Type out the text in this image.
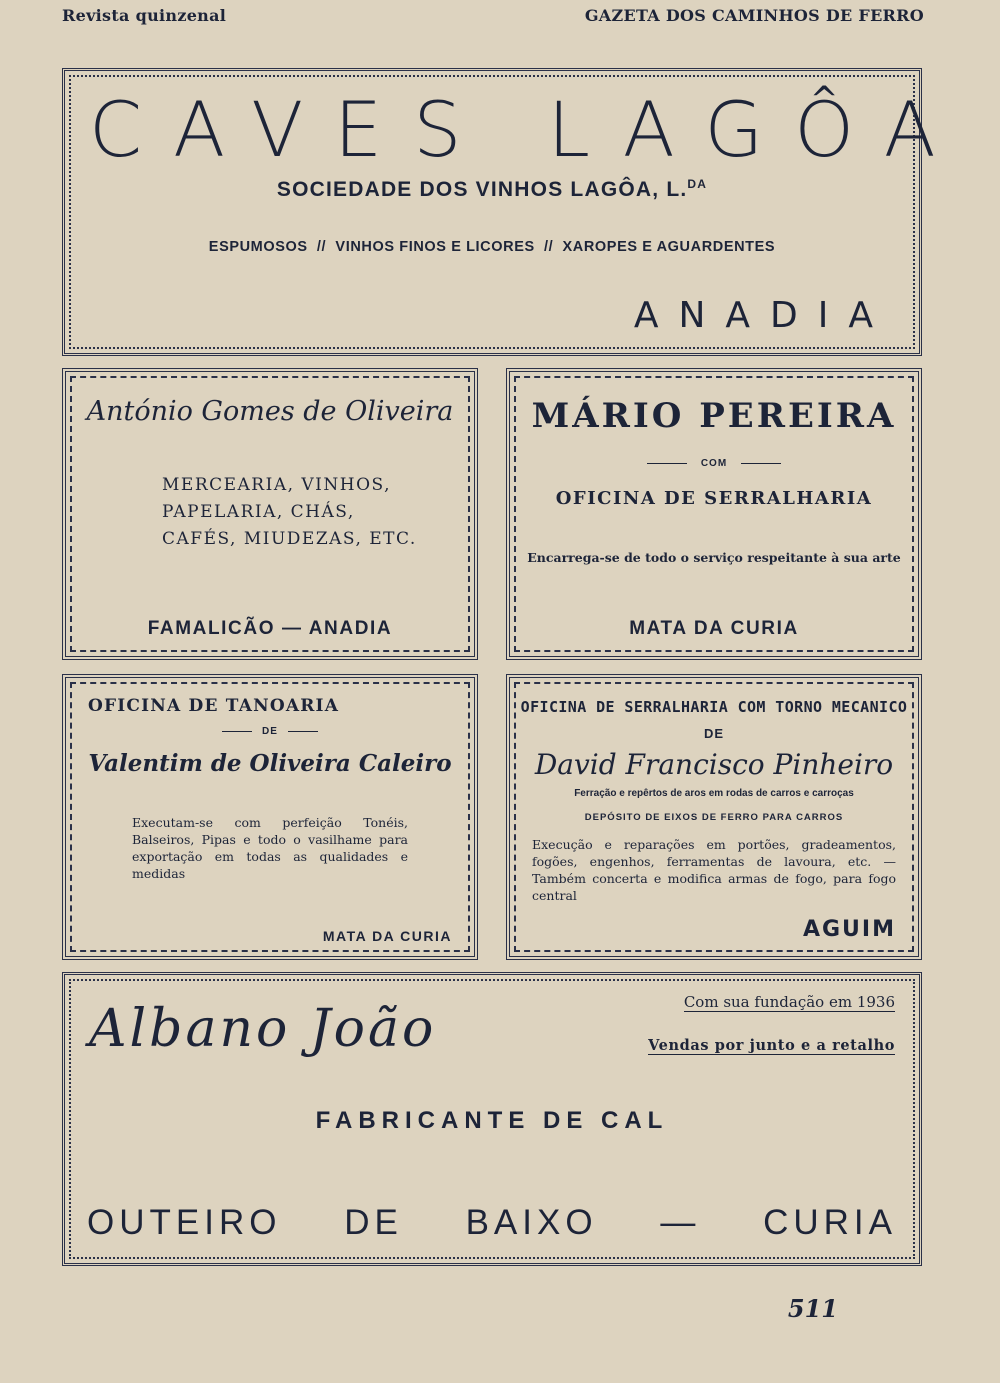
Revista quinzenal	GAZETA DOS CAMINHOS DE FERRO
CAVES LAGÔA
SOCIEDADE DOS VINHOS LAGÔA, L.$^{DA}$
ESPUMOSOS  //  VINHOS FINOS E LICORES  //  XAROPES E AGUARDENTES
ANADIA
António Gomes de Oliveira
MERCEARIA, VINHOS,
PAPELARIA, CHÁS,
CAFÉS, MIUDEZAS, ETC.
FAMALICÃO — ANADIA
MÁRIO PEREIRA
COM
OFICINA DE SERRALHARIA
Encarrega-se de todo o serviço respeitante à sua arte
MATA DA CURIA
OFICINA DE TANOARIA
DE
Valentim de Oliveira Caleiro
Executam-se com perfeição Tonéis, Balseiros, Pipas e todo o vasilhame para exportação em todas as qualidades e medidas
MATA DA CURIA
OFICINA DE SERRALHARIA COM TORNO MECANICO
DE
David Francisco Pinheiro
Ferração e repêrtos de aros em rodas de carros e carroças
DEPÓSITO DE EIXOS DE FERRO PARA CARROS
Execução e reparações em portões, gradeamentos, fogões, engenhos, ferramentas de lavoura, etc. — Também concerta e modifica armas de fogo, para fogo central
AGUIM
Albano João	Com sua fundação em 1936
Vendas por junto e a retalho
FABRICANTE DE CAL
OUTEIRO DE BAIXO — CURIA
511
